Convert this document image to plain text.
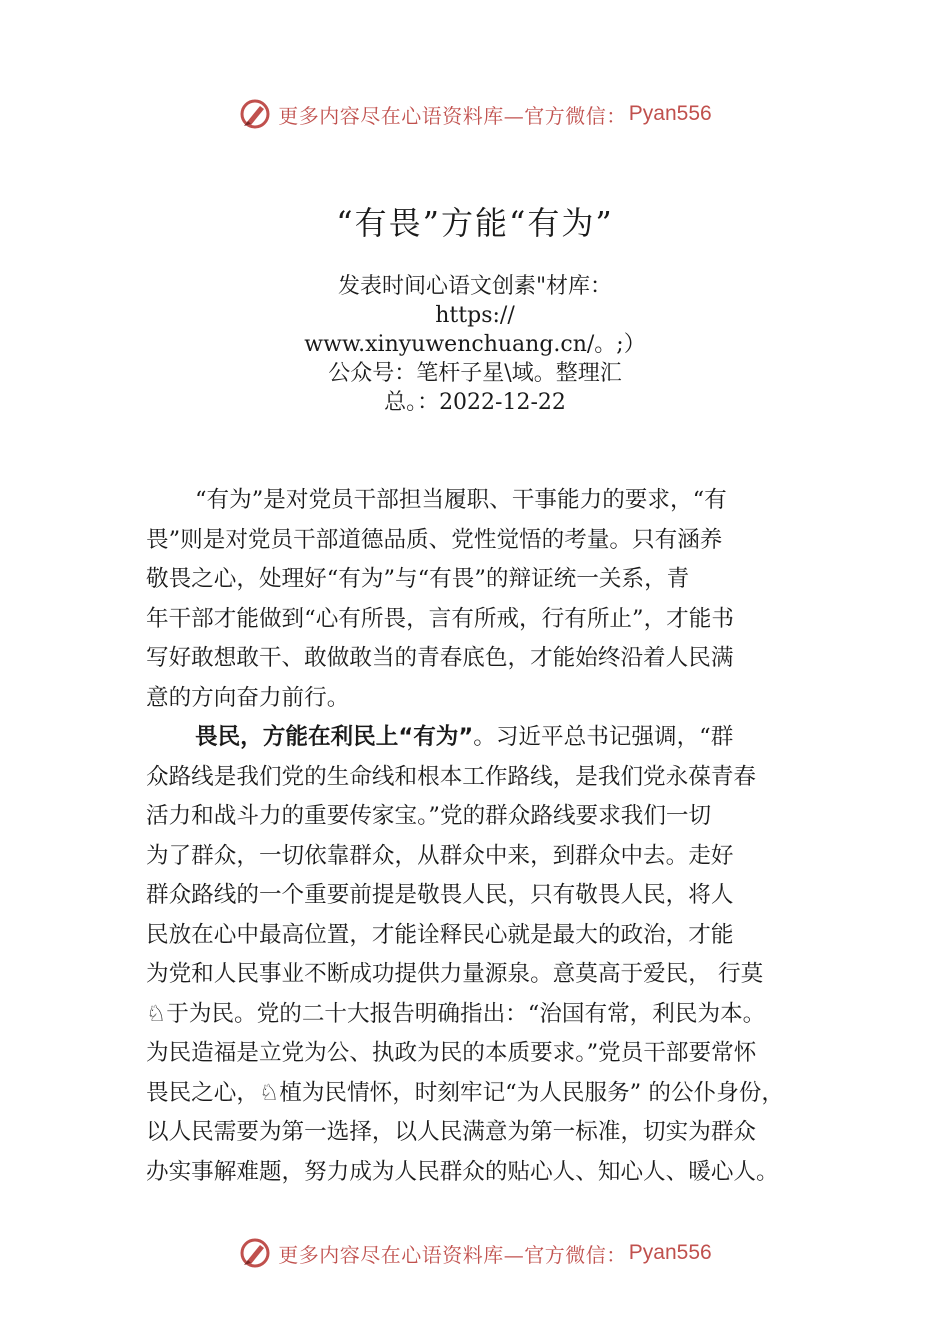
更多内容尽在心语资料库—官方微信： Pyan556
“有畏”方能“有为”
发表时间心语文创素"材库：
https://
www.xinyuwenchuang.cn/。;）
公众号：笔杆子星\域。整理汇
总。：2022-12-22
“有为”是对党员干部担当履职、干事能力的要求，“有
畏”则是对党员干部道德品质、党性觉悟的考量。只有涵养
敬畏之心，处理好“有为”与“有畏”的辩证统一关系，青
年干部才能做到“心有所畏，言有所戒，行有所止”，才能书
写好敢想敢干、敢做敢当的青春底色，才能始终沿着人民满
意的方向奋力前行。
畏民，方能在利民上“有为”。习近平总书记强调，“群
众路线是我们党的生命线和根本工作路线，是我们党永葆青春
活力和战斗力的重要传家宝。”党的群众路线要求我们一切
为了群众，一切依靠群众，从群众中来，到群众中去。走好
群众路线的一个重要前提是敬畏人民，只有敬畏人民，将人
民放在心中最高位置，才能诠释民心就是最大的政治，才能
为党和人民事业不断成功提供力量源泉。意莫高于爱民， 行莫
♘于为民。党的二十大报告明确指出：“治国有常，利民为本。
为民造福是立党为公、执政为民的本质要求。”党员干部要常怀
畏民之心，♘植为民情怀，时刻牢记“为人民服务” 的公仆身份，
以人民需要为第一选择，以人民满意为第一标准，切实为群众
办实事解难题，努力成为人民群众的贴心人、知心人、暖心人。
更多内容尽在心语资料库—官方微信： Pyan556
